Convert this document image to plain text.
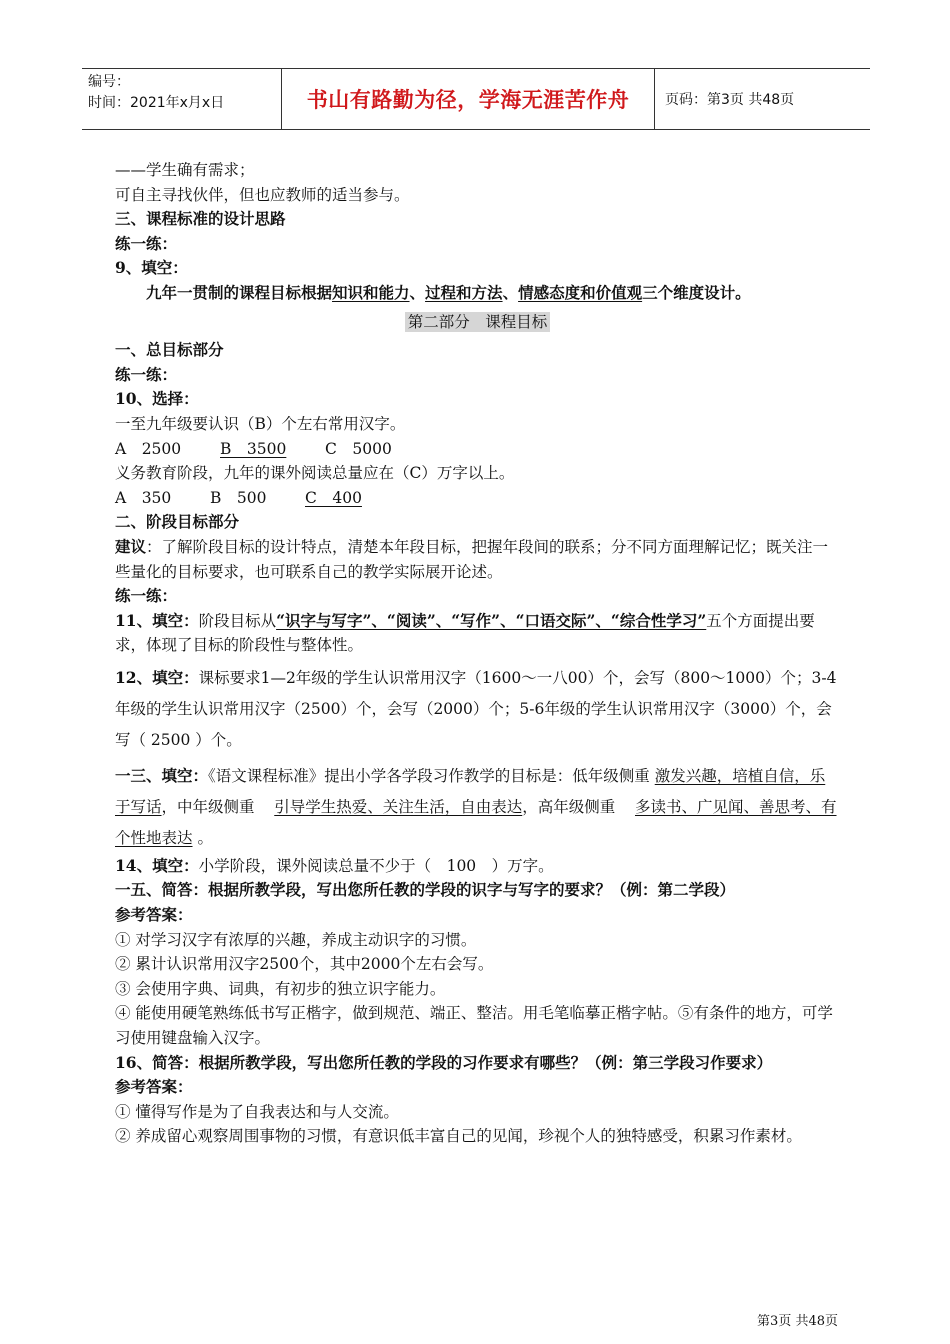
编号：
时间：2021年x月x日	书山有路勤为径，学海无涯苦作舟	页码：第3页 共48页

——学生确有需求；

可自主寻找伙伴，但也应教师的适当参与。

三、课程标准的设计思路

练一练：

9、填空：

九年一贯制的课程目标根据知识和能力、过程和方法、情感态度和价值观三个维度设计。

第二部分　课程目标

一、总目标部分

练一练：

10、选择：

一至九年级要认识（B）个左右常用汉字。

A　2500	B　3500 C　5000

义务教育阶段，九年的课外阅读总量应在（C）万字以上。

A　350 B　500 C　400

二、阶段目标部分

建议：了解阶段目标的设计特点，清楚本年段目标，把握年段间的联系；分不同方面理解记忆；既关注一些量化的目标要求，也可联系自己的教学实际展开论述。

练一练：

11、填空：阶段目标从“识字与写字”、“阅读”、“写作”、“口语交际”、“综合性学习”五个方面提出要求，体现了目标的阶段性与整体性。

12、填空：课标要求1—2年级的学生认识常用汉字（1600～一八00）个，会写（800～1000）个；3-4年级的学生认识常用汉字（2500）个，会写（2000）个；5-6年级的学生认识常用汉字（3000）个，会写（ 2500 ）个。

一三、填空：《语文课程标准》提出小学各学段习作教学的目标是：低年级侧重 激发兴趣，培植自信，乐于写话，中年级侧重 引导学生热爱、关注生活，自由表达，高年级侧重 多读书、广见闻、善思考、有个性地表达 。

14、填空：小学阶段，课外阅读总量不少于（　100　）万字。

一五、简答：根据所教学段，写出您所任教的学段的识字与写字的要求？（例：第二学段）

参考答案：

① 对学习汉字有浓厚的兴趣，养成主动识字的习惯。

② 累计认识常用汉字2500个，其中2000个左右会写。

③ 会使用字典、词典，有初步的独立识字能力。

④ 能使用硬笔熟练低书写正楷字，做到规范、端正、整洁。用毛笔临摹正楷字帖。⑤有条件的地方，可学习使用键盘输入汉字。

16、简答：根据所教学段，写出您所任教的学段的习作要求有哪些？（例：第三学段习作要求）

参考答案：

① 懂得写作是为了自我表达和与人交流。

② 养成留心观察周围事物的习惯，有意识低丰富自己的见闻，珍视个人的独特感受，积累习作素材。

第3页 共48页
